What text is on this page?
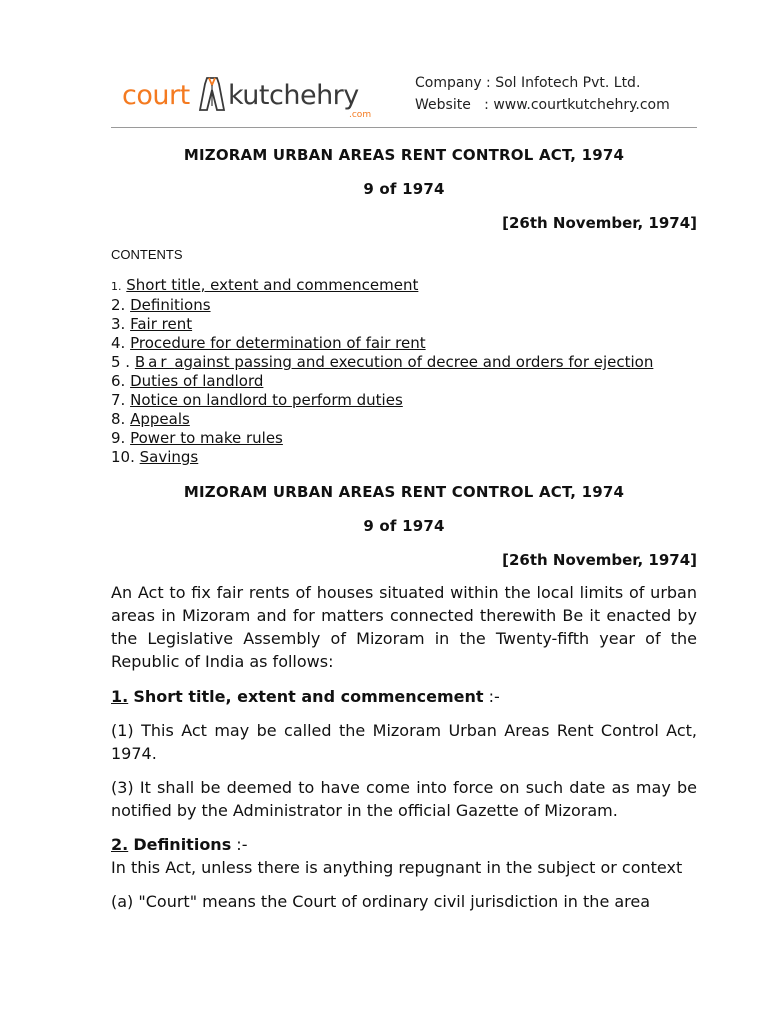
court kutchehry
.com
Company : Sol Infotech Pvt. Ltd.
Website   : www.courtkutchehry.com

MIZORAM URBAN AREAS RENT CONTROL ACT, 1974

9 of 1974

[26th November, 1974]

CONTENTS

1. Short title, extent and commencement

2. Definitions

3. Fair rent

4. Procedure for determination of fair rent

5 . Bar against passing and execution of decree and orders for ejection

6. Duties of landlord

7. Notice on landlord to perform duties

8. Appeals

9. Power to make rules

10. Savings

MIZORAM URBAN AREAS RENT CONTROL ACT, 1974

9 of 1974

[26th November, 1974]

An Act to fix fair rents of houses situated within the local limits of urban areas in Mizoram and for matters connected therewith Be it enacted by the Legislative Assembly of Mizoram in the Twenty-fifth year of the Republic of India as follows:

1. Short title, extent and commencement :-

(1) This Act may be called the Mizoram Urban Areas Rent Control Act, 1974.

(3) It shall be deemed to have come into force on such date as may be notified by the Administrator in the official Gazette of Mizoram.

2. Definitions :-

In this Act, unless there is anything repugnant in the subject or context

(a) "Court" means the Court of ordinary civil jurisdiction in the area
